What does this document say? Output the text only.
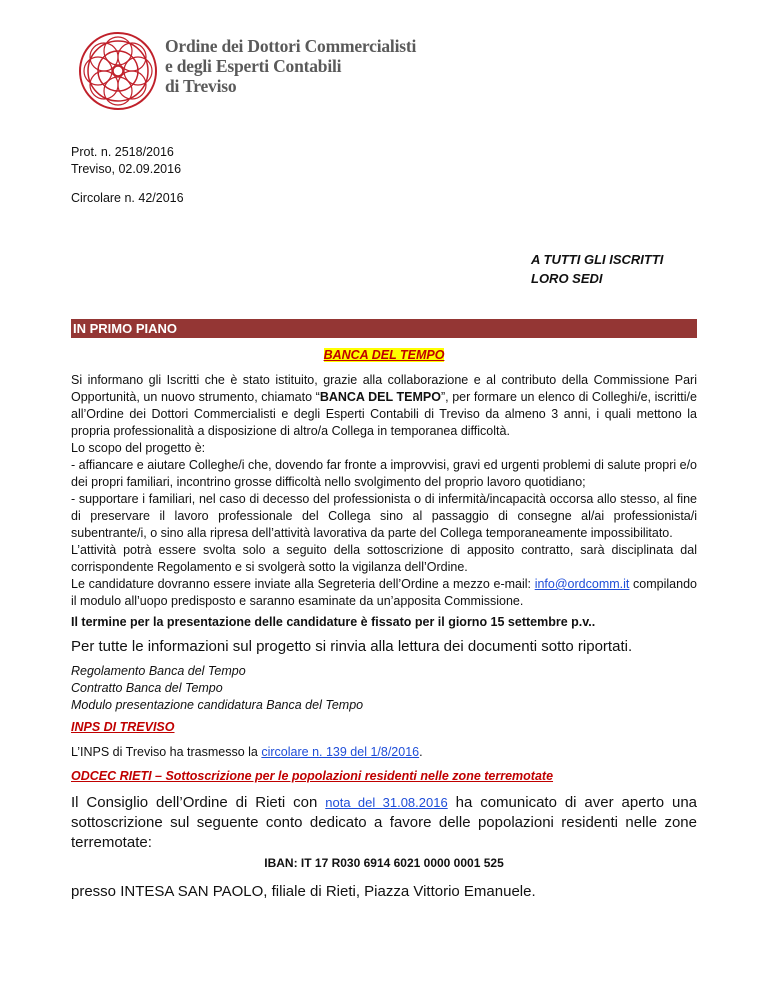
Ordine dei Dottori Commercialisti
e degli Esperti Contabili
di Treviso
Prot. n. 2518/2016
Treviso, 02.09.2016
Circolare n. 42/2016
A TUTTI GLI ISCRITTI
LORO SEDI
IN PRIMO PIANO
BANCA DEL TEMPO
Si informano gli Iscritti che è stato istituito, grazie alla collaborazione e al contributo della Commissione Pari Opportunità, un nuovo strumento, chiamato “BANCA DEL TEMPO”, per formare un elenco di Colleghi/e, iscritti/e all’Ordine dei Dottori Commercialisti e degli Esperti Contabili di Treviso da almeno 3 anni, i quali mettono la propria professionalità a disposizione di altro/a Collega in temporanea difficoltà.
Lo scopo del progetto è:
- affiancare e aiutare Colleghe/i che, dovendo far fronte a improvvisi, gravi ed urgenti problemi di salute propri e/o dei propri familiari, incontrino grosse difficoltà nello svolgimento del proprio lavoro quotidiano;
- supportare i familiari, nel caso di decesso del professionista o di infermità/incapacità occorsa allo stesso, al fine di preservare il lavoro professionale del Collega sino al passaggio di consegne al/ai professionista/i subentrante/i, o sino alla ripresa dell’attività lavorativa da parte del Collega temporaneamente impossibilitato.
L’attività potrà essere svolta solo a seguito della sottoscrizione di apposito contratto, sarà disciplinata dal corrispondente Regolamento e si svolgerà sotto la vigilanza dell’Ordine.
Le candidature dovranno essere inviate alla Segreteria dell’Ordine a mezzo e-mail: info@ordcomm.it compilando il modulo all’uopo predisposto e saranno esaminate da un’apposita Commissione.
Il termine per la presentazione delle candidature è fissato per il giorno 15 settembre p.v..
Per tutte le informazioni sul progetto si rinvia alla lettura dei documenti sotto riportati.
Regolamento Banca del Tempo
Contratto Banca del Tempo
Modulo presentazione candidatura Banca del Tempo
INPS DI TREVISO
L’INPS di Treviso ha trasmesso la circolare n. 139 del 1/8/2016.
ODCEC RIETI – Sottoscrizione per le popolazioni residenti nelle zone terremotate
Il Consiglio dell’Ordine di Rieti con nota del 31.08.2016 ha comunicato di aver aperto una sottoscrizione sul seguente conto dedicato a favore delle popolazioni residenti nelle zone terremotate:
IBAN: IT 17 R030 6914 6021 0000 0001 525
presso INTESA SAN PAOLO, filiale di Rieti, Piazza Vittorio Emanuele.
